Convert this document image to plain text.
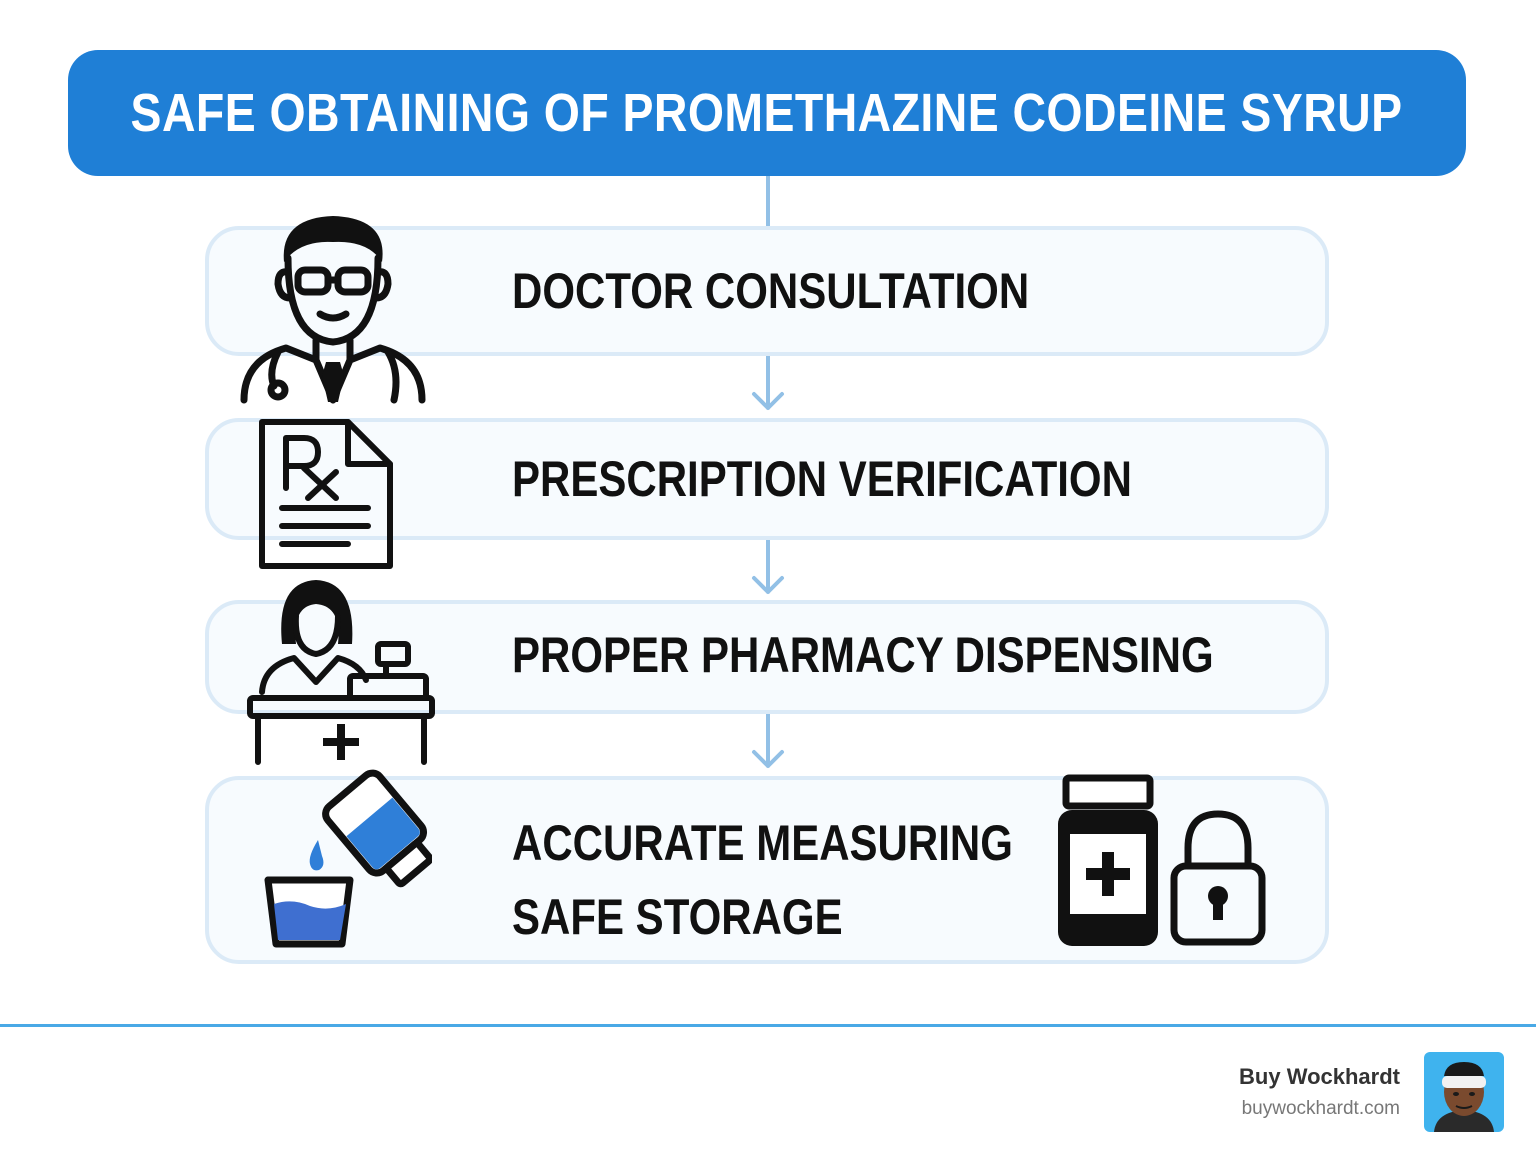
SAFE OBTAINING OF PROMETHAZINE CODEINE SYRUP
DOCTOR CONSULTATION
PRESCRIPTION VERIFICATION
PROPER PHARMACY DISPENSING
ACCURATE MEASURING
SAFE STORAGE
Buy Wockhardt
buywockhardt.com
